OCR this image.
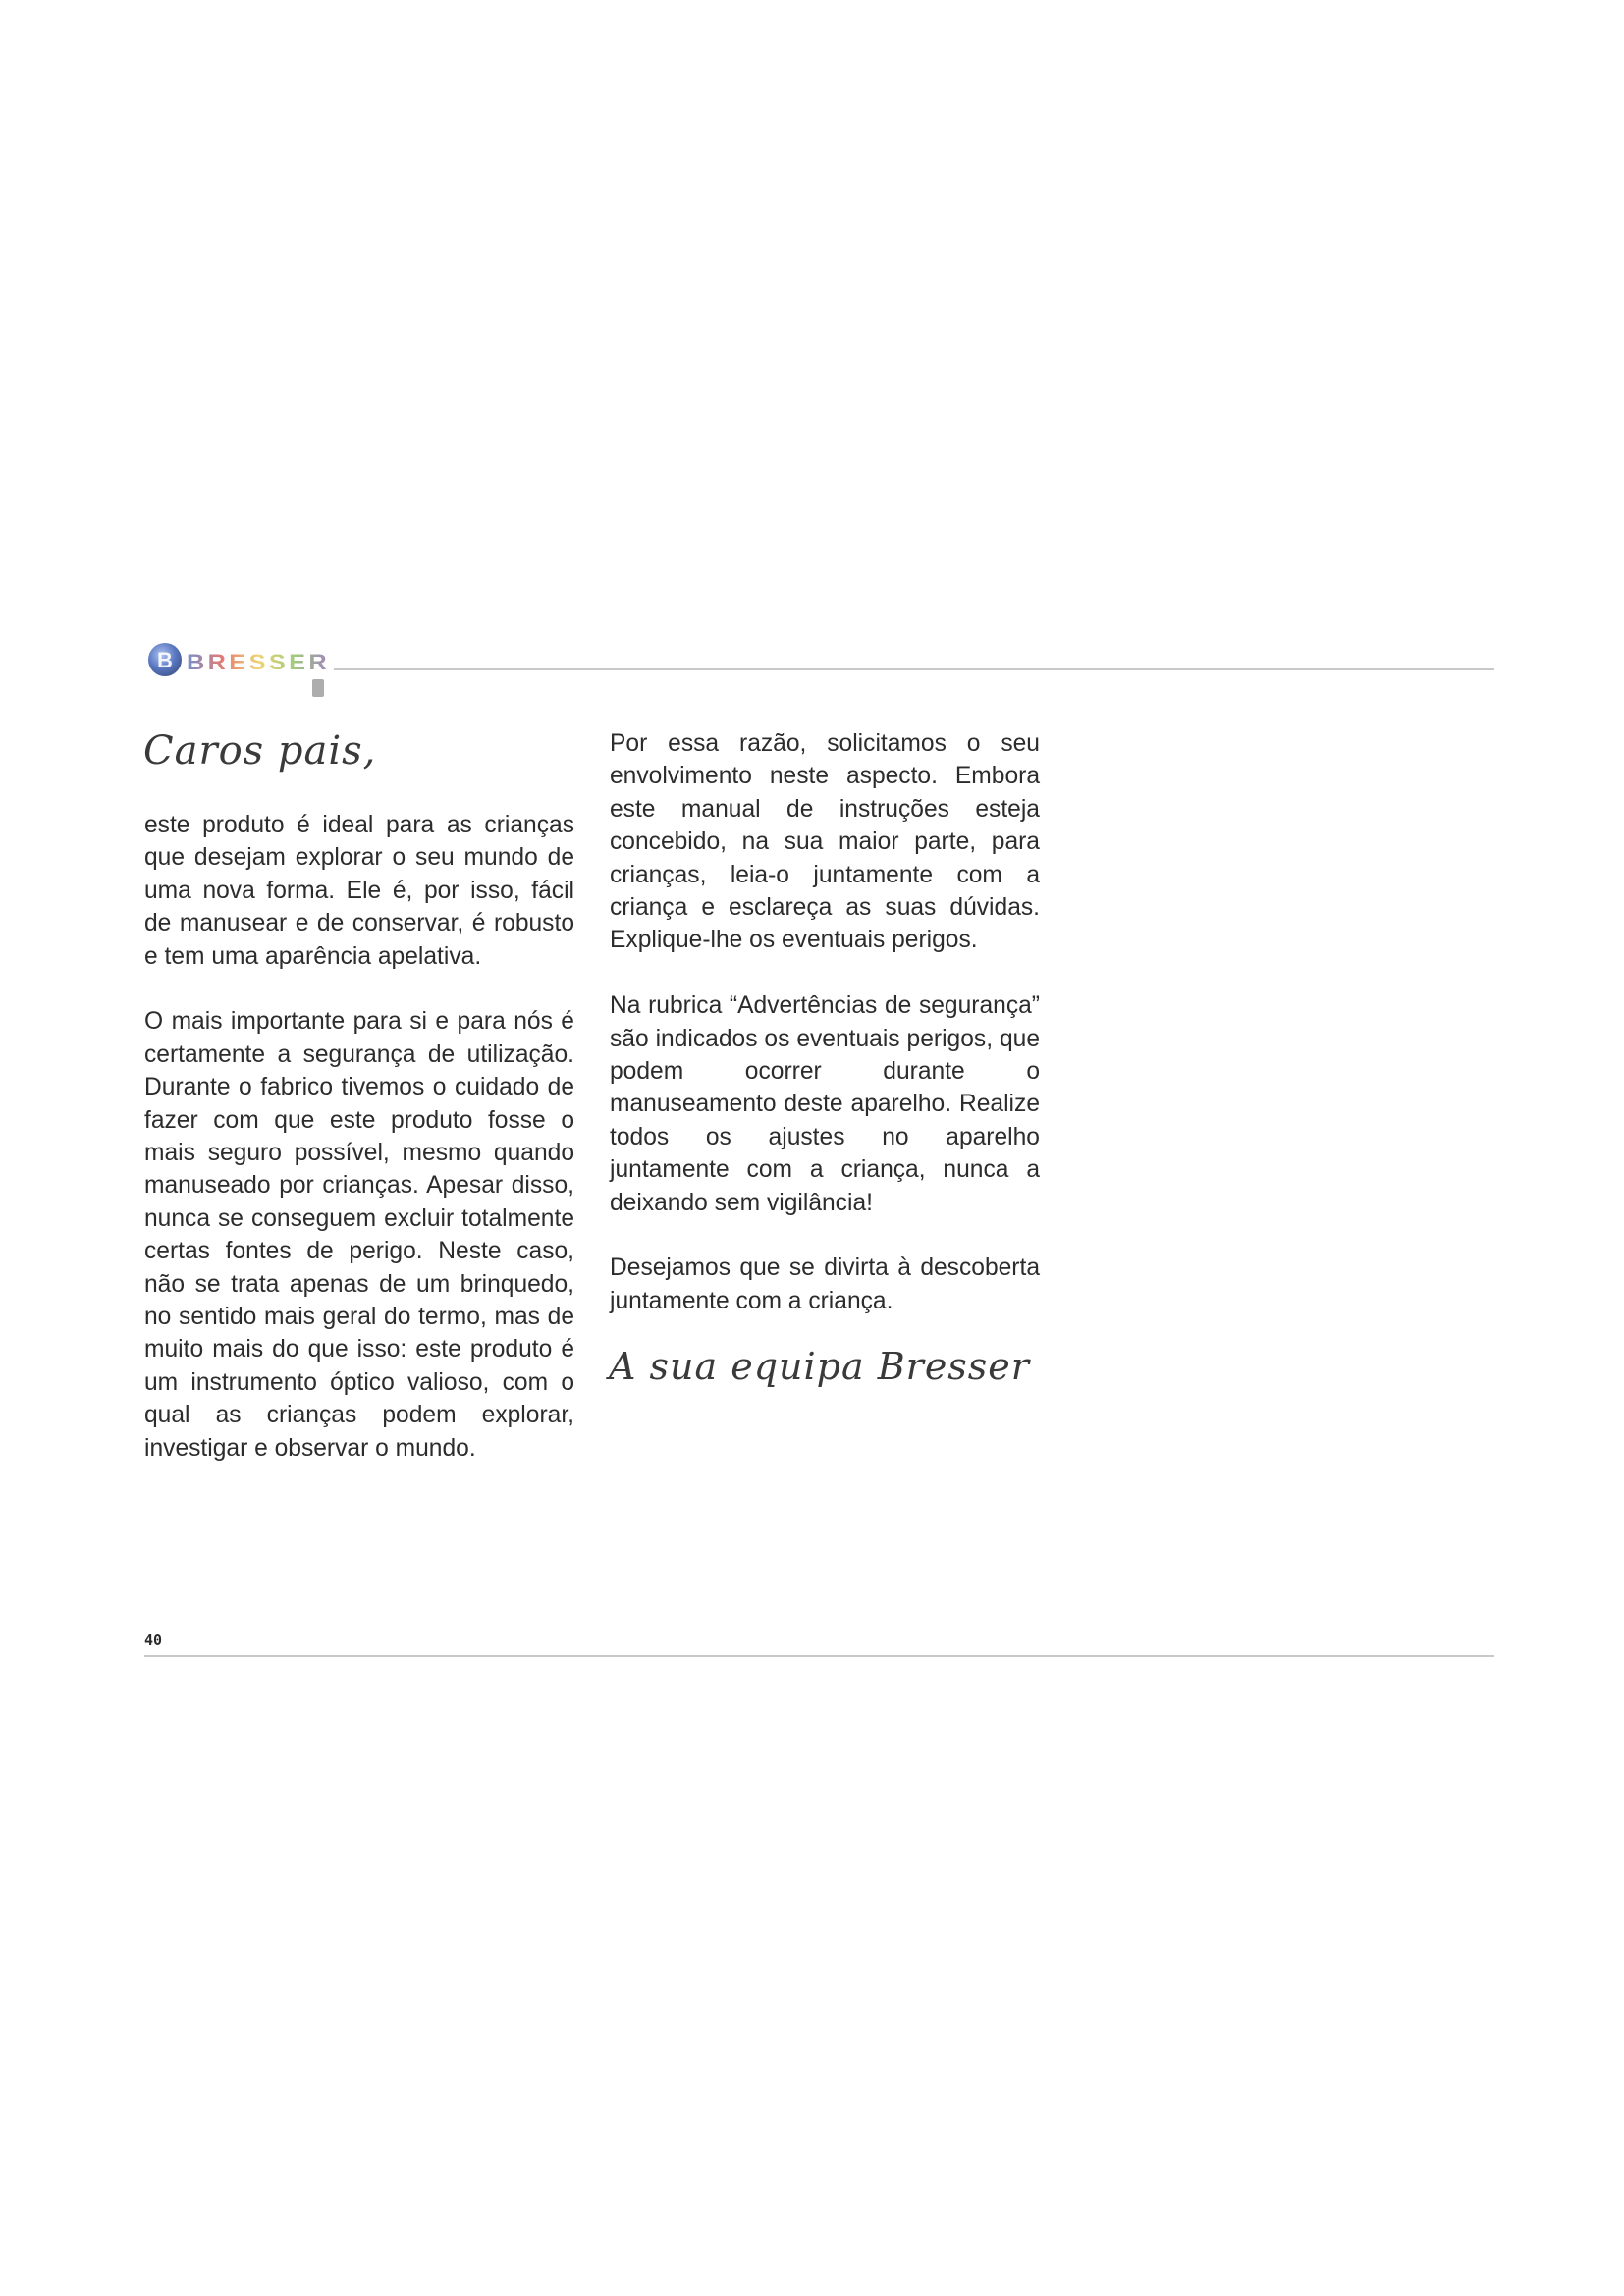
B BRESSER
Caros pais,

este produto é ideal para as crianças que desejam explorar o seu mundo de uma nova forma. Ele é, por isso, fácil de manusear e de conservar, é robusto e tem uma aparência apelativa.

O mais importante para si e para nós é certamente a segurança de utilização. Durante o fabrico tivemos o cuidado de fazer com que este produto fosse o mais seguro possível, mesmo quando manuseado por crianças. Apesar disso, nunca se conseguem excluir totalmente certas fontes de perigo. Neste caso, não se trata apenas de um brinquedo, no sentido mais geral do termo, mas de muito mais do que isso: este produto é um instrumento óptico valioso, com o qual as crianças podem explorar, investigar e observar o mundo.

Por essa razão, solicitamos o seu envolvimento neste aspecto. Embora este manual de instruções esteja concebido, na sua maior parte, para crianças, leia-o juntamente com a criança e esclareça as suas dúvidas. Explique-lhe os eventuais perigos.

Na rubrica “Advertências de segurança” são indicados os eventuais perigos, que podem ocorrer durante o manuseamento deste aparelho. Realize todos os ajustes no aparelho juntamente com a criança, nunca a deixando sem vigilância!

Desejamos que se divirta à descoberta juntamente com a criança.

A sua equipa Bresser
40
